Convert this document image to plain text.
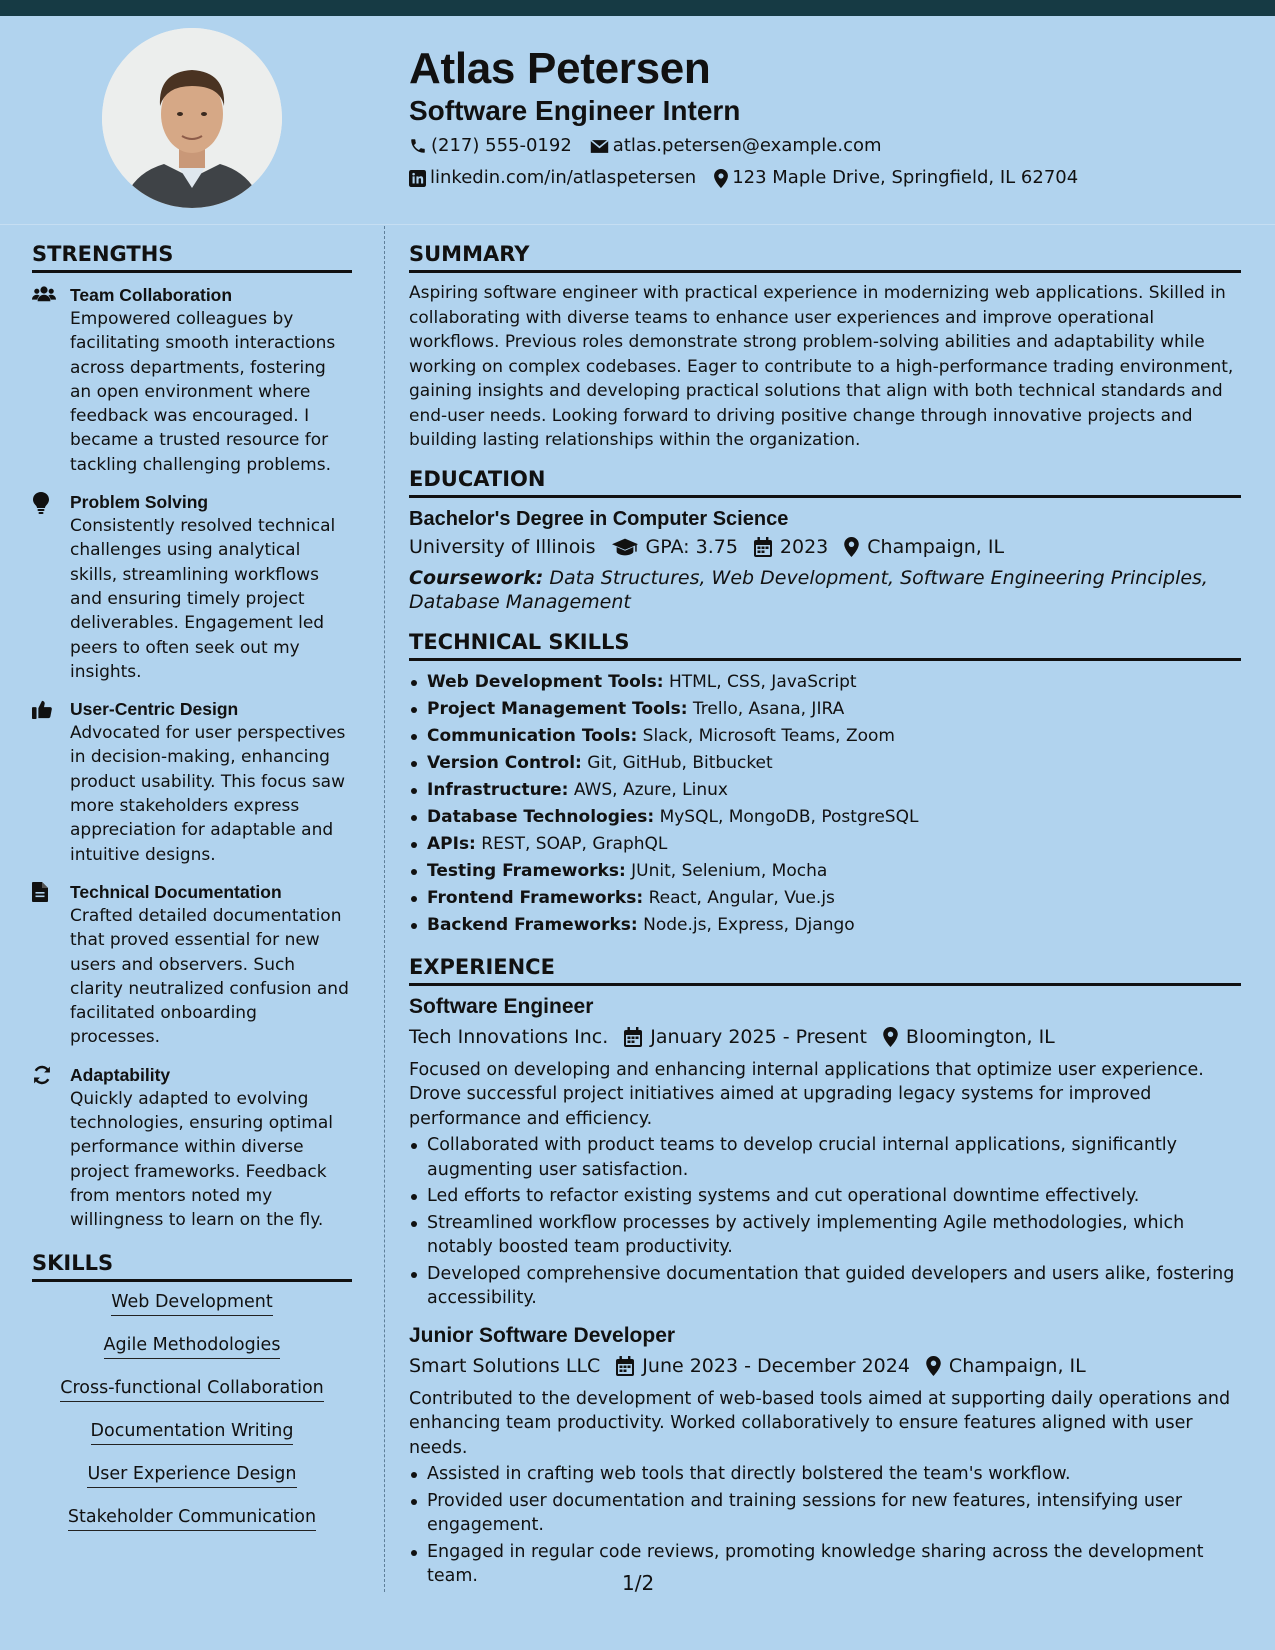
Atlas Petersen
Software Engineer Intern
(217) 555-0192 atlas.petersen@example.com
linkedin.com/in/atlaspetersen 123 Maple Drive, Springfield, IL 62704
STRENGTHS
Team Collaboration
Empowered colleagues by facilitating smooth interactions across departments, fostering an open environment where feedback was encouraged. I became a trusted resource for tackling challenging problems.
Problem Solving
Consistently resolved technical challenges using analytical skills, streamlining workflows and ensuring timely project deliverables. Engagement led peers to often seek out my insights.
User-Centric Design
Advocated for user perspectives in decision-making, enhancing product usability. This focus saw more stakeholders express appreciation for adaptable and intuitive designs.
Technical Documentation
Crafted detailed documentation that proved essential for new users and observers. Such clarity neutralized confusion and facilitated onboarding processes.
Adaptability
Quickly adapted to evolving technologies, ensuring optimal performance within diverse project frameworks. Feedback from mentors noted my willingness to learn on the fly.
SKILLS
Web Development
Agile Methodologies
Cross-functional Collaboration
Documentation Writing
User Experience Design
Stakeholder Communication
SUMMARY

Aspiring software engineer with practical experience in modernizing web applications. Skilled in collaborating with diverse teams to enhance user experiences and improve operational workflows. Previous roles demonstrate strong problem-solving abilities and adaptability while working on complex codebases. Eager to contribute to a high-performance trading environment, gaining insights and developing practical solutions that align with both technical standards and end-user needs. Looking forward to driving positive change through innovative projects and building lasting relationships within the organization.

EDUCATION
Bachelor's Degree in Computer Science
University of Illinois	GPA: 3.75 2023 Champaign, IL
Coursework: Data Structures, Web Development, Software Engineering Principles, Database Management
TECHNICAL SKILLS
Web Development Tools: HTML, CSS, JavaScript
Project Management Tools: Trello, Asana, JIRA
Communication Tools: Slack, Microsoft Teams, Zoom
Version Control: Git, GitHub, Bitbucket
Infrastructure: AWS, Azure, Linux
Database Technologies: MySQL, MongoDB, PostgreSQL
APIs: REST, SOAP, GraphQL
Testing Frameworks: JUnit, Selenium, Mocha
Frontend Frameworks: React, Angular, Vue.js
Backend Frameworks: Node.js, Express, Django
EXPERIENCE
Software Engineer
Tech Innovations Inc. January 2025 - Present Bloomington, IL
Focused on developing and enhancing internal applications that optimize user experience. Drove successful project initiatives aimed at upgrading legacy systems for improved performance and efficiency.
Collaborated with product teams to develop crucial internal applications, significantly augmenting user satisfaction.
Led efforts to refactor existing systems and cut operational downtime effectively.
Streamlined workflow processes by actively implementing Agile methodologies, which notably boosted team productivity.
Developed comprehensive documentation that guided developers and users alike, fostering accessibility.
Junior Software Developer
Smart Solutions LLC June 2023 - December 2024 Champaign, IL
Contributed to the development of web-based tools aimed at supporting daily operations and enhancing team productivity. Worked collaboratively to ensure features aligned with user needs.
Assisted in crafting web tools that directly bolstered the team's workflow.
Provided user documentation and training sessions for new features, intensifying user engagement.
Engaged in regular code reviews, promoting knowledge sharing across the development team.	1/2
